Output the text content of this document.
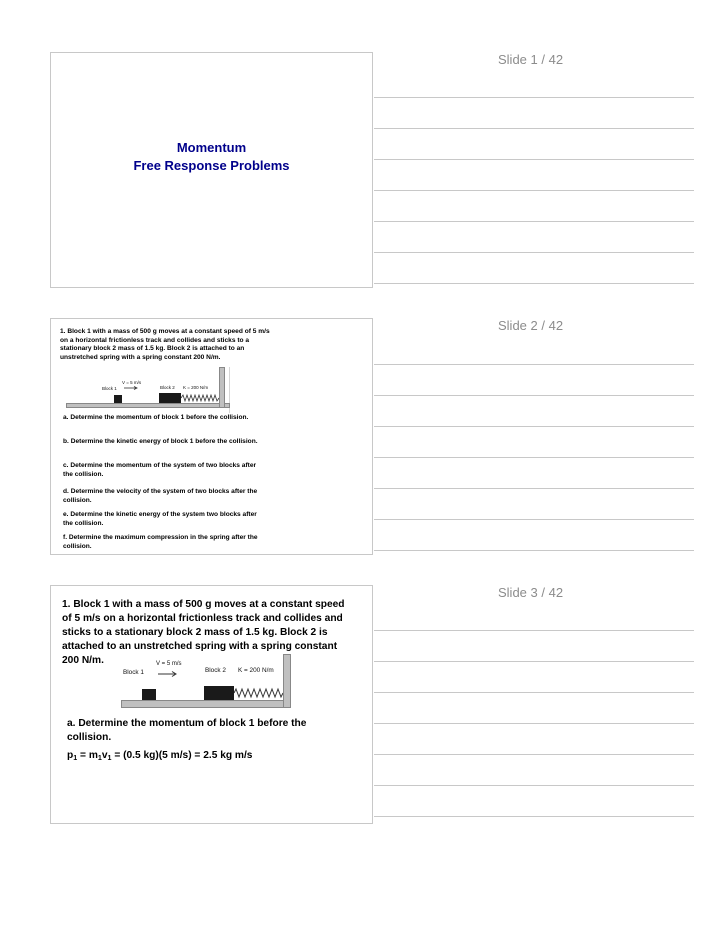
Slide 1 / 42
Momentum
Free Response Problems
Slide 2 / 42
1. Block 1 with a mass of 500 g moves at a constant speed of 5 m/s on a horizontal frictionless track and collides and sticks to a stationary block 2 mass of 1.5 kg. Block 2 is attached to an unstretched spring with a spring constant 200 N/m.
V = 5 m/s
Block 1	Block 2 K = 200 N/m
a. Determine the momentum of block 1 before the collision.
b. Determine the kinetic energy of block 1 before the collision.
c. Determine the momentum of the system of two blocks after the collision.
d. Determine the velocity of the system of two blocks after the collision.
e. Determine the kinetic energy of the system two blocks after the collision.
f. Determine the maximum compression in the spring after the collision.
Slide 3 / 42
1. Block 1 with a mass of 500 g moves at a constant speed of 5 m/s on a horizontal frictionless track and collides and sticks to a stationary block 2 mass of 1.5 kg. Block 2 is attached to an unstretched spring with a spring constant 200 N/m.	V = 5 m/s
Block 1	Block 2 K = 200 N/m
a. Determine the momentum of block 1 before the collision.
$p_1 = m_1v_1 = (0.5$ kg)(5 m/s) = 2.5 kg m/s
